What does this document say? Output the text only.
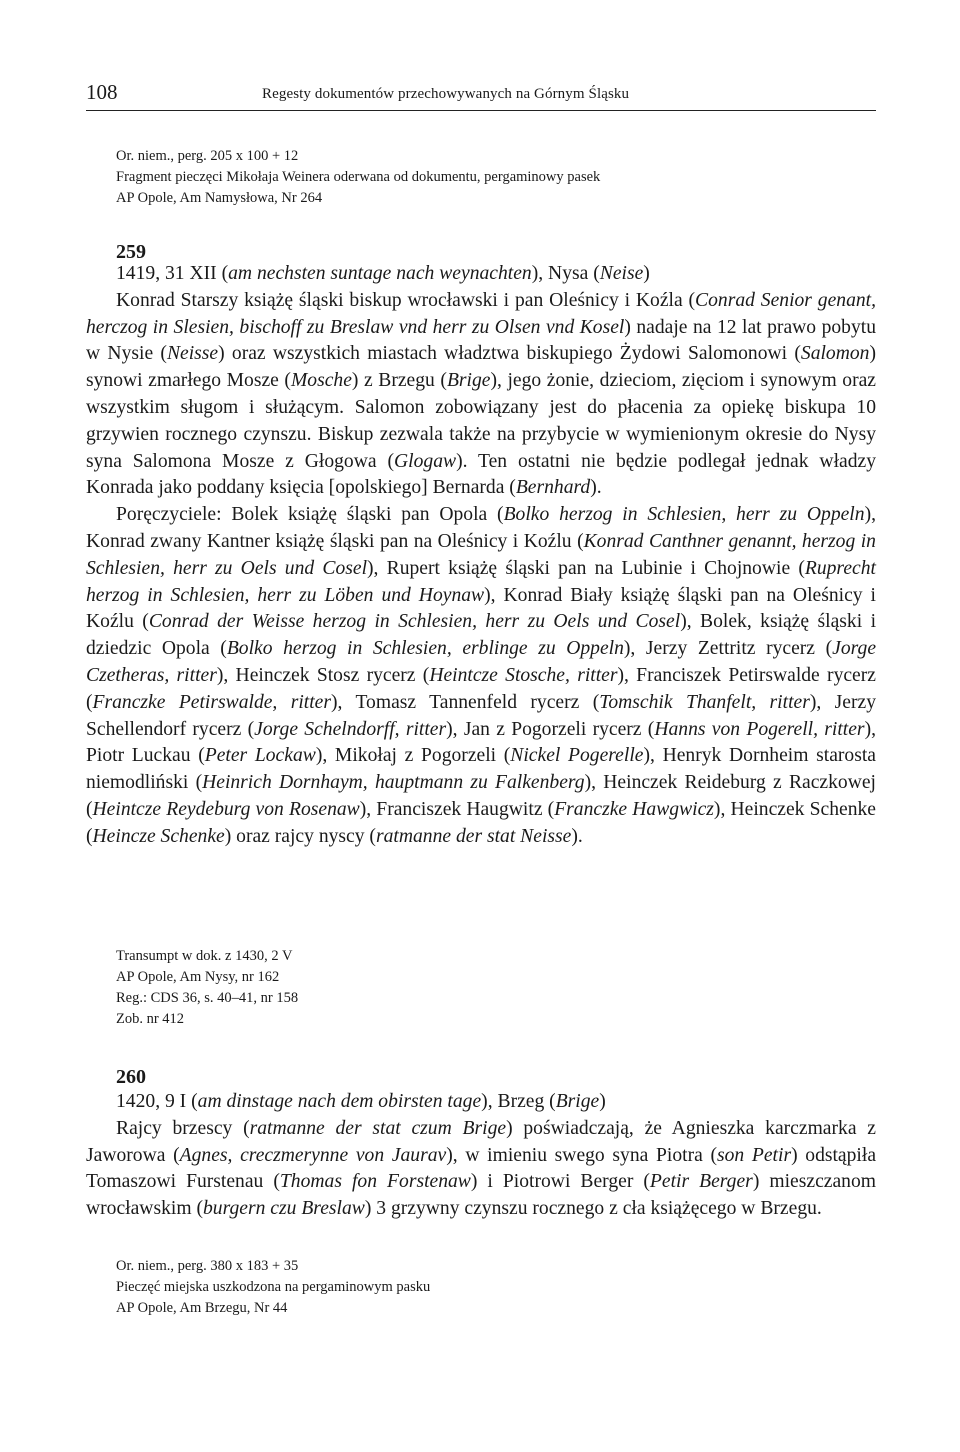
108	Regesty dokumentów przechowywanych na Górnym Śląsku

Or. niem., perg. 205 x 100 + 12

Fragment pieczęci Mikołaja Weinera oderwana od dokumentu, pergaminowy pasek

AP Opole, Am Namysłowa, Nr 264

259

1419, 31 XII (am nechsten suntage nach weynachten), Nysa (Neise)

Konrad Starszy książę śląski biskup wrocławski i pan Oleśnicy i Koźla (Conrad Senior genant, herczog in Slesien, bischoff zu Breslaw vnd herr zu Olsen vnd Kosel) nadaje na 12 lat prawo pobytu w Nysie (Neisse) oraz wszystkich miastach władztwa biskupiego Żydowi Salomonowi (Salomon) synowi zmarłego Mosze (Mosche) z Brzegu (Brige), jego żonie, dzieciom, zięciom i synowym oraz wszystkim sługom i służącym. Salomon zobowiązany jest do płacenia za opiekę biskupa 10 grzywien rocznego czynszu. Biskup zezwala także na przybycie w wymienionym okresie do Nysy syna Salomona Mosze z Głogowa (Glogaw). Ten ostatni nie będzie podlegał jednak władzy Konrada jako poddany księcia [opolskiego] Bernarda (Bernhard).

Poręczyciele: Bolek książę śląski pan Opola (Bolko herzog in Schlesien, herr zu Oppeln), Konrad zwany Kantner książę śląski pan na Oleśnicy i Koźlu (Konrad Canthner genannt, herzog in Schlesien, herr zu Oels und Cosel), Rupert książę śląski pan na Lubinie i Chojnowie (Ruprecht herzog in Schlesien, herr zu Löben und Hoynaw), Konrad Biały książę śląski pan na Oleśnicy i Koźlu (Conrad der Weisse herzog in Schlesien, herr zu Oels und Cosel), Bolek, książę śląski i dziedzic Opola (Bolko herzog in Schlesien, erblinge zu Oppeln), Jerzy Zettritz rycerz (Jorge Czetheras, ritter), Heinczek Stosz rycerz (Heintcze Stosche, ritter), Franciszek Petirswalde rycerz (Franczke Petirswalde, ritter), Tomasz Tannenfeld rycerz (Tomschik Thanfelt, ritter), Jerzy Schellendorf rycerz (Jorge Schelndorff, ritter), Jan z Pogorzeli rycerz (Hanns von Pogerell, ritter), Piotr Luckau (Peter Lockaw), Mikołaj z Pogorzeli (Nickel Pogerelle), Henryk Dornheim starosta niemodliński (Heinrich Dornhaym, hauptmann zu Falkenberg), Heinczek Reideburg z Raczkowej (Heintcze Reydeburg von Rosenaw), Franciszek Haugwitz (Franczke Hawgwicz), Heinczek Schenke (Heincze Schenke) oraz rajcy nyscy (ratmanne der stat Neisse).

Transumpt w dok. z 1430, 2 V

AP Opole, Am Nysy, nr 162

Reg.: CDS 36, s. 40–41, nr 158

Zob. nr 412

260

1420, 9 I (am dinstage nach dem obirsten tage), Brzeg (Brige)

Rajcy brzescy (ratmanne der stat czum Brige) poświadczają, że Agnieszka karczmarka z Jaworowa (Agnes, creczmerynne von Jaurav), w imieniu swego syna Piotra (son Petir) odstąpiła Tomaszowi Furstenau (Thomas fon Forstenaw) i Piotrowi Berger (Petir Berger) mieszczanom wrocławskim (burgern czu Breslaw) 3 grzywny czynszu rocznego z cła książęcego w Brzegu.

Or. niem., perg. 380 x 183 + 35

Pieczęć miejska uszkodzona na pergaminowym pasku

AP Opole, Am Brzegu, Nr 44
